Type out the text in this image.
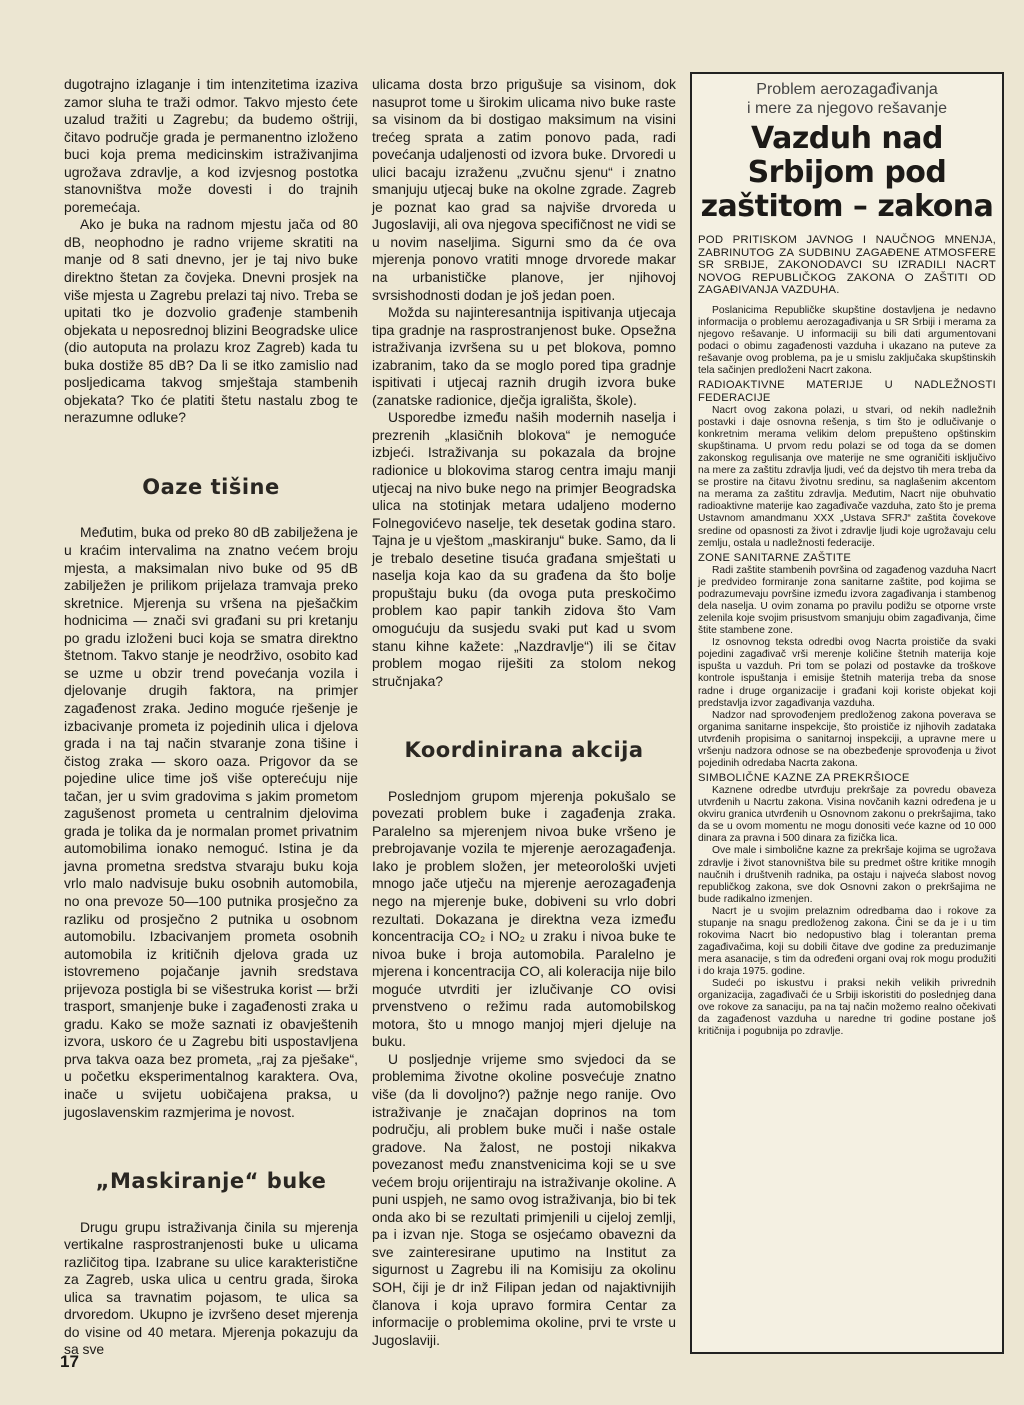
dugotrajno izlaganje i tim intenzitetima izaziva zamor sluha te traži odmor. Takvo mjesto ćete uzalud tražiti u Zagrebu; da budemo oštriji, čitavo područje grada je permanentno izloženo buci koja prema medicinskim istraživanjima ugrožava zdravlje, a kod izvjesnog postotka stanovništva može dovesti i do trajnih poremećaja.

Ako je buka na radnom mjestu jača od 80 dB, neophodno je radno vrijeme skratiti na manje od 8 sati dnevno, jer je taj nivo buke direktno štetan za čovjeka. Dnevni prosjek na više mjesta u Zagrebu prelazi taj nivo. Treba se upitati tko je dozvolio građenje stambenih objekata u neposrednoj blizini Beogradske ulice (dio autoputa na prolazu kroz Zagreb) kada tu buka dostiže 85 dB? Da li se itko zamislio nad posljedicama takvog smještaja stambenih objekata? Tko će platiti štetu nastalu zbog te nerazumne odluke?

Oaze tišine

Međutim, buka od preko 80 dB zabilježena je u kraćim intervalima na znatno većem broju mjesta, a maksimalan nivo buke od 95 dB zabilježen je prilikom prijelaza tramvaja preko skretnice. Mjerenja su vršena na pješačkim hodnicima — znači svi građani su pri kretanju po gradu izloženi buci koja se smatra direktno štetnom. Takvo stanje je neodrživo, osobito kad se uzme u obzir trend povećanja vozila i djelovanje drugih faktora, na primjer zagađenost zraka. Jedino moguće rješenje je izbacivanje prometa iz pojedinih ulica i djelova grada i na taj način stvaranje zona tišine i čistog zraka — skoro oaza. Prigovor da se pojedine ulice time još više opterećuju nije tačan, jer u svim gradovima s jakim prometom zagušenost prometa u centralnim djelovima grada je tolika da je normalan promet privatnim automobilima ionako nemoguć. Istina je da javna prometna sredstva stvaraju buku koja vrlo malo nadvisuje buku osobnih automobila, no ona prevoze 50—100 putnika prosječno za razliku od prosječno 2 putnika u osobnom automobilu. Izbacivanjem prometa osobnih automobila iz kritičnih djelova grada uz istovremeno pojačanje javnih sredstava prijevoza postigla bi se višestruka korist — brži trasport, smanjenje buke i zagađenosti zraka u gradu. Kako se može saznati iz obavještenih izvora, uskoro će u Zagrebu biti uspostavljena prva takva oaza bez prometa, „raj za pješake“, u početku eksperimentalnog karaktera. Ova, inače u svijetu uobičajena praksa, u jugoslavenskim razmjerima je novost.

„Maskiranje“ buke

Drugu grupu istraživanja činila su mjerenja vertikalne rasprostranjenosti buke u ulicama različitog tipa. Izabrane su ulice karakteristične za Zagreb, uska ulica u centru grada, široka ulica sa travnatim pojasom, te ulica sa drvoredom. Ukupno je izvršeno deset mjerenja do visine od 40 metara. Mjerenja pokazuju da sa sve

ulicama dosta brzo prigušuje sa visinom, dok nasuprot tome u širokim ulicama nivo buke raste sa visinom da bi dostigao maksimum na visini trećeg sprata a zatim ponovo pada, radi povećanja udaljenosti od izvora buke. Drvoredi u ulici bacaju izraženu „zvučnu sjenu“ i znatno smanjuju utjecaj buke na okolne zgrade. Zagreb je poznat kao grad sa najviše drvoreda u Jugoslaviji, ali ova njegova specifičnost ne vidi se u novim naseljima. Sigurni smo da će ova mjerenja ponovo vratiti mnoge drvorede makar na urbanističke planove, jer njihovoj svrsishodnosti dodan je još jedan poen.

Možda su najinteresantnija ispitivanja utjecaja tipa gradnje na rasprostranjenost buke. Opsežna istraživanja izvršena su u pet blokova, pomno izabranim, tako da se moglo pored tipa gradnje ispitivati i utjecaj raznih drugih izvora buke (zanatske radionice, dječja igrališta, škole).

Usporedbe između naših modernih naselja i prezrenih „klasičnih blokova“ je nemoguće izbjeći. Istraživanja su pokazala da brojne radionice u blokovima starog centra imaju manji utjecaj na nivo buke nego na primjer Beogradska ulica na stotinjak metara udaljeno moderno Folnegovićevo naselje, tek desetak godina staro. Tajna je u vještom „maskiranju“ buke. Samo, da li je trebalo desetine tisuća građana smještati u naselja koja kao da su građena da što bolje propuštaju buku (da ovoga puta preskočimo problem kao papir tankih zidova što Vam omogućuju da susjedu svaki put kad u svom stanu kihne kažete: „Nazdravlje“) ili se čitav problem mogao riješiti za stolom nekog stručnjaka?

Koordinirana akcija

Poslednjom grupom mjerenja pokušalo se povezati problem buke i zagađenja zraka. Paralelno sa mjerenjem nivoa buke vršeno je prebrojavanje vozila te mjerenje aerozagađenja. Iako je problem složen, jer meteorološki uvjeti mnogo jače utječu na mjerenje aerozagađenja nego na mjerenje buke, dobiveni su vrlo dobri rezultati. Dokazana je direktna veza između koncentracija CO₂ i NO₂ u zraku i nivoa buke te nivoa buke i broja automobila. Paralelno je mjerena i koncentracija CO, ali koleracija nije bilo moguće utvrditi jer izlučivanje CO ovisi prvenstveno o režimu rada automobilskog motora, što u mnogo manjoj mjeri djeluje na buku.

U posljednje vrijeme smo svjedoci da se problemima životne okoline posvećuje znatno više (da li dovoljno?) pažnje nego ranije. Ovo istraživanje je značajan doprinos na tom području, ali problem buke muči i naše ostale gradove. Na žalost, ne postoji nikakva povezanost među znanstvenicima koji se u sve većem broju orijentiraju na istraživanje okoline. A puni uspjeh, ne samo ovog istraživanja, bio bi tek onda ako bi se rezultati primjenili u cijeloj zemlji, pa i izvan nje. Stoga se osjećamo obavezni da sve zainteresirane uputimo na Institut za sigurnost u Zagrebu ili na Komisiju za okolinu SOH, čiji je dr inž Filipan jedan od najaktivnijih članova i koja upravo formira Centar za informacije o problemima okoline, prvi te vrste u Jugoslaviji.

Problem aerozagađivanja
i mere za njegovo rešavanje
Vazduh nad Srbijom pod zaštitom – zakona
POD PRITISKOM JAVNOG I NAUČNOG MNENJA, ZABRINUTOG ZA SUDBINU ZAGAĐENE ATMOSFERE SR SRBIJE, ZAKONODAVCI SU IZRADILI NACRT NOVOG REPUBLIČKOG ZAKONA O ZAŠTITI OD ZAGAĐIVANJA VAZDUHA.

Poslanicima Republičke skupštine dostavljena je nedavno informacija o problemu aerozagađivanja u SR Srbiji i merama za njegovo rešavanje. U informaciji su bili dati argumentovani podaci o obimu zagađenosti vazduha i ukazano na puteve za rešavanje ovog problema, pa je u smislu zaključaka skupštinskih tela sačinjen predloženi Nacrt zakona.

RADIOAKTIVNE MATERIJE U NADLEŽNOSTI FEDERACIJE

Nacrt ovog zakona polazi, u stvari, od nekih nadležnih postavki i daje osnovna rešenja, s tim što je odlučivanje o konkretnim merama velikim delom prepušteno opštinskim skupštinama. U prvom redu polazi se od toga da se domen zakonskog regulisanja ove materije ne sme ograničiti isključivo na mere za zaštitu zdravlja ljudi, već da dejstvo tih mera treba da se prostire na čitavu životnu sredinu, sa naglašenim akcentom na merama za zaštitu zdravlja. Međutim, Nacrt nije obuhvatio radioaktivne materije kao zagađivače vazduha, zato što je prema Ustavnom amandmanu XXX „Ustava SFRJ“ zaštita čovekove sredine od opasnosti za život i zdravlje ljudi koje ugrožavaju celu zemlju, ostala u nadležnosti federacije.

ZONE SANITARNE ZAŠTITE

Radi zaštite stambenih površina od zagađenog vazduha Nacrt je predvideo formiranje zona sanitarne zaštite, pod kojima se podrazumevaju površine između izvora zagađivanja i stambenog dela naselja. U ovim zonama po pravilu podižu se otporne vrste zelenila koje svojim prisustvom smanjuju obim zagađivanja, čime štite stambene zone.

Iz osnovnog teksta odredbi ovog Nacrta proističe da svaki pojedini zagađivač vrši merenje količine štetnih materija koje ispušta u vazduh. Pri tom se polazi od postavke da troškove kontrole ispuštanja i emisije štetnih materija treba da snose radne i druge organizacije i građani koji koriste objekat koji predstavlja izvor zagađivanja vazduha.

Nadzor nad sprovođenjem predloženog zakona poverava se organima sanitarne inspekcije, što proističe iz njihovih zadataka utvrđenih propisima o sanitarnoj inspekciji, a upravne mere u vršenju nadzora odnose se na obezbeđenje sprovođenja u život pojedinih odredaba Nacrta zakona.

SIMBOLIČNE KAZNE ZA PREKRŠIOCE

Kaznene odredbe utvrđuju prekršaje za povredu obaveza utvrđenih u Nacrtu zakona. Visina novčanih kazni određena je u okviru granica utvrđenih u Osnovnom zakonu o prekršajima, tako da se u ovom momentu ne mogu donositi veće kazne od 10 000 dinara za pravna i 500 dinara za fizička lica.

Ove male i simbolične kazne za prekršaje kojima se ugrožava zdravlje i život stanovništva bile su predmet oštre kritike mnogih naučnih i društvenih radnika, pa ostaju i najveća slabost novog republičkog zakona, sve dok Osnovni zakon o prekršajima ne bude radikalno izmenjen.

Nacrt je u svojim prelaznim odredbama dao i rokove za stupanje na snagu predloženog zakona. Čini se da je i u tim rokovima Nacrt bio nedopustivo blag i tolerantan prema zagađivačima, koji su dobili čitave dve godine za preduzimanje mera asanacije, s tim da određeni organi ovaj rok mogu produžiti i do kraja 1975. godine.

Sudeći po iskustvu i praksi nekih velikih privrednih organizacija, zagađivači će u Srbiji iskoristiti do poslednjeg dana ove rokove za sanaciju, pa na taj način možemo realno očekivati da zagađenost vazduha u naredne tri godine postane još kritičnija i pogubnija po zdravlje.

17
